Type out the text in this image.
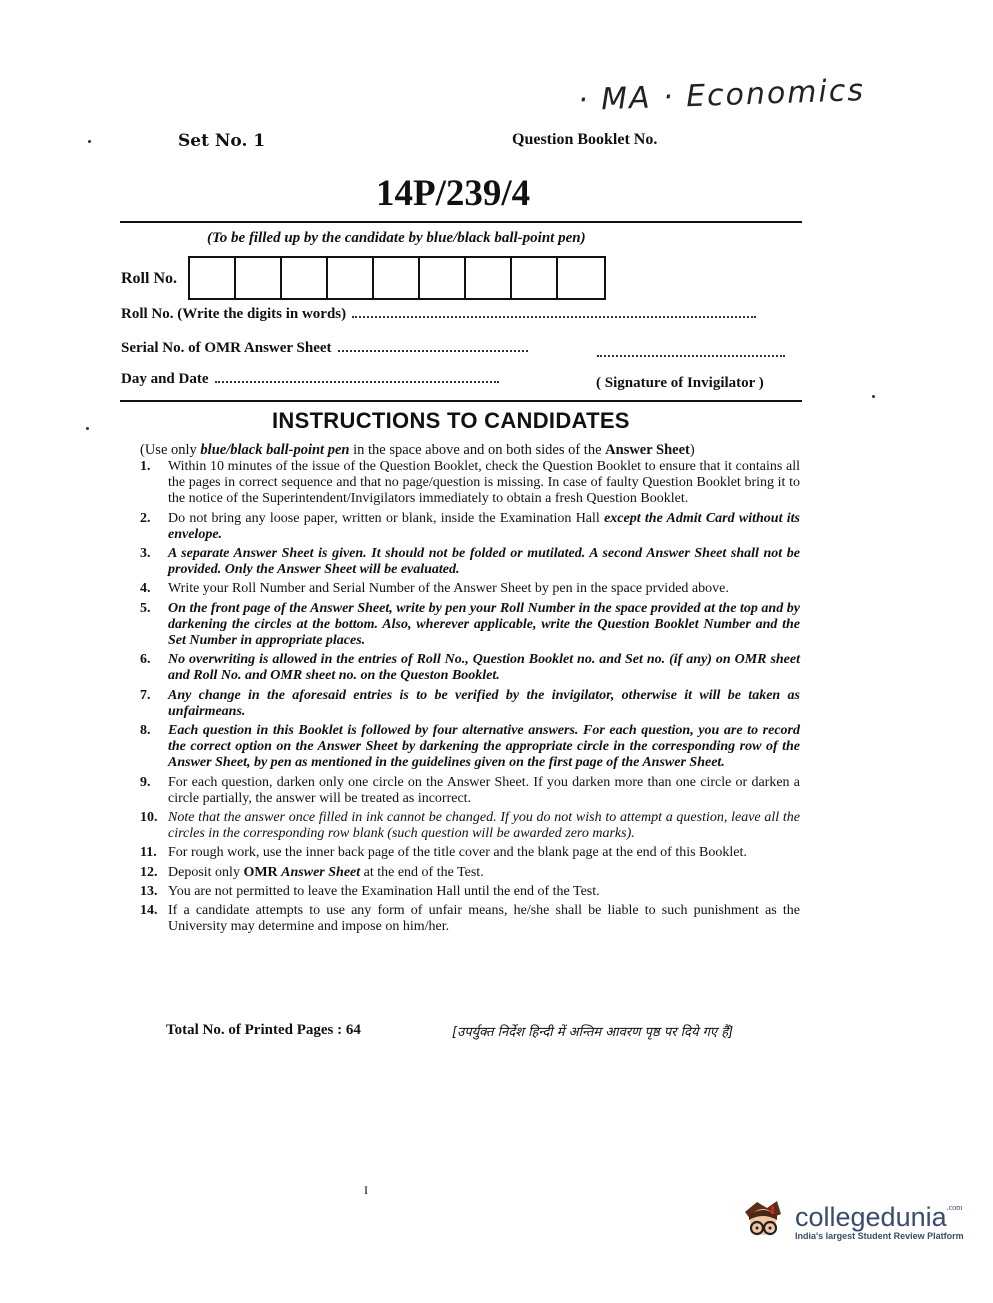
· MA · Economics
Set No. 1	Question Booklet No.
14P/239/4
(To be filled up by the candidate by blue/black ball-point pen)
Roll No.
Roll No. (Write the digits in words)
Serial No. of OMR Answer Sheet
Day and Date	( Signature of Invigilator )
INSTRUCTIONS TO CANDIDATES
(Use only blue/black ball-point pen in the space above and on both sides of the Answer Sheet)
1.	Within 10 minutes of the issue of the Question Booklet, check the Question Booklet to ensure that it contains all the pages in correct sequence and that no page/question is missing. In case of faulty Question Booklet bring it to the notice of the Superintendent/Invigilators immediately to obtain a fresh Question Booklet.
2.	Do not bring any loose paper, written or blank, inside the Examination Hall except the Admit Card without its envelope.
3.	A separate Answer Sheet is given. It should not be folded or mutilated. A second Answer Sheet shall not be provided. Only the Answer Sheet will be evaluated.
4.	Write your Roll Number and Serial Number of the Answer Sheet by pen in the space prvided above.
5.	On the front page of the Answer Sheet, write by pen your Roll Number in the space provided at the top and by darkening the circles at the bottom. Also, wherever applicable, write the Question Booklet Number and the Set Number in appropriate places.
6.	No overwriting is allowed in the entries of Roll No., Question Booklet no. and Set no. (if any) on OMR sheet and Roll No. and OMR sheet no. on the Queston Booklet.
7.	Any change in the aforesaid entries is to be verified by the invigilator, otherwise it will be taken as unfairmeans.
8.	Each question in this Booklet is followed by four alternative answers. For each question, you are to record the correct option on the Answer Sheet by darkening the appropriate circle in the corresponding row of the Answer Sheet, by pen as mentioned in the guidelines given on the first page of the Answer Sheet.
9.	For each question, darken only one circle on the Answer Sheet. If you darken more than one circle or darken a circle partially, the answer will be treated as incorrect.
10. Note that the answer once filled in ink cannot be changed. If you do not wish to attempt a question, leave all the circles in the corresponding row blank (such question will be awarded zero marks).
11. For rough work, use the inner back page of the title cover and the blank page at the end of this Booklet.
12. Deposit only OMR Answer Sheet at the end of the Test.
13. You are not permitted to leave the Examination Hall until the end of the Test.
14. If a candidate attempts to use any form of unfair means, he/she shall be liable to such punishment as the University may determine and impose on him/her.
Total No. of Printed Pages : 64	[उपर्युक्त निर्देश हिन्दी में अन्तिम आवरण पृष्ठ पर दिये गए हैं]
I
collegedunia$^{.com}$
India's largest Student Review Platform
